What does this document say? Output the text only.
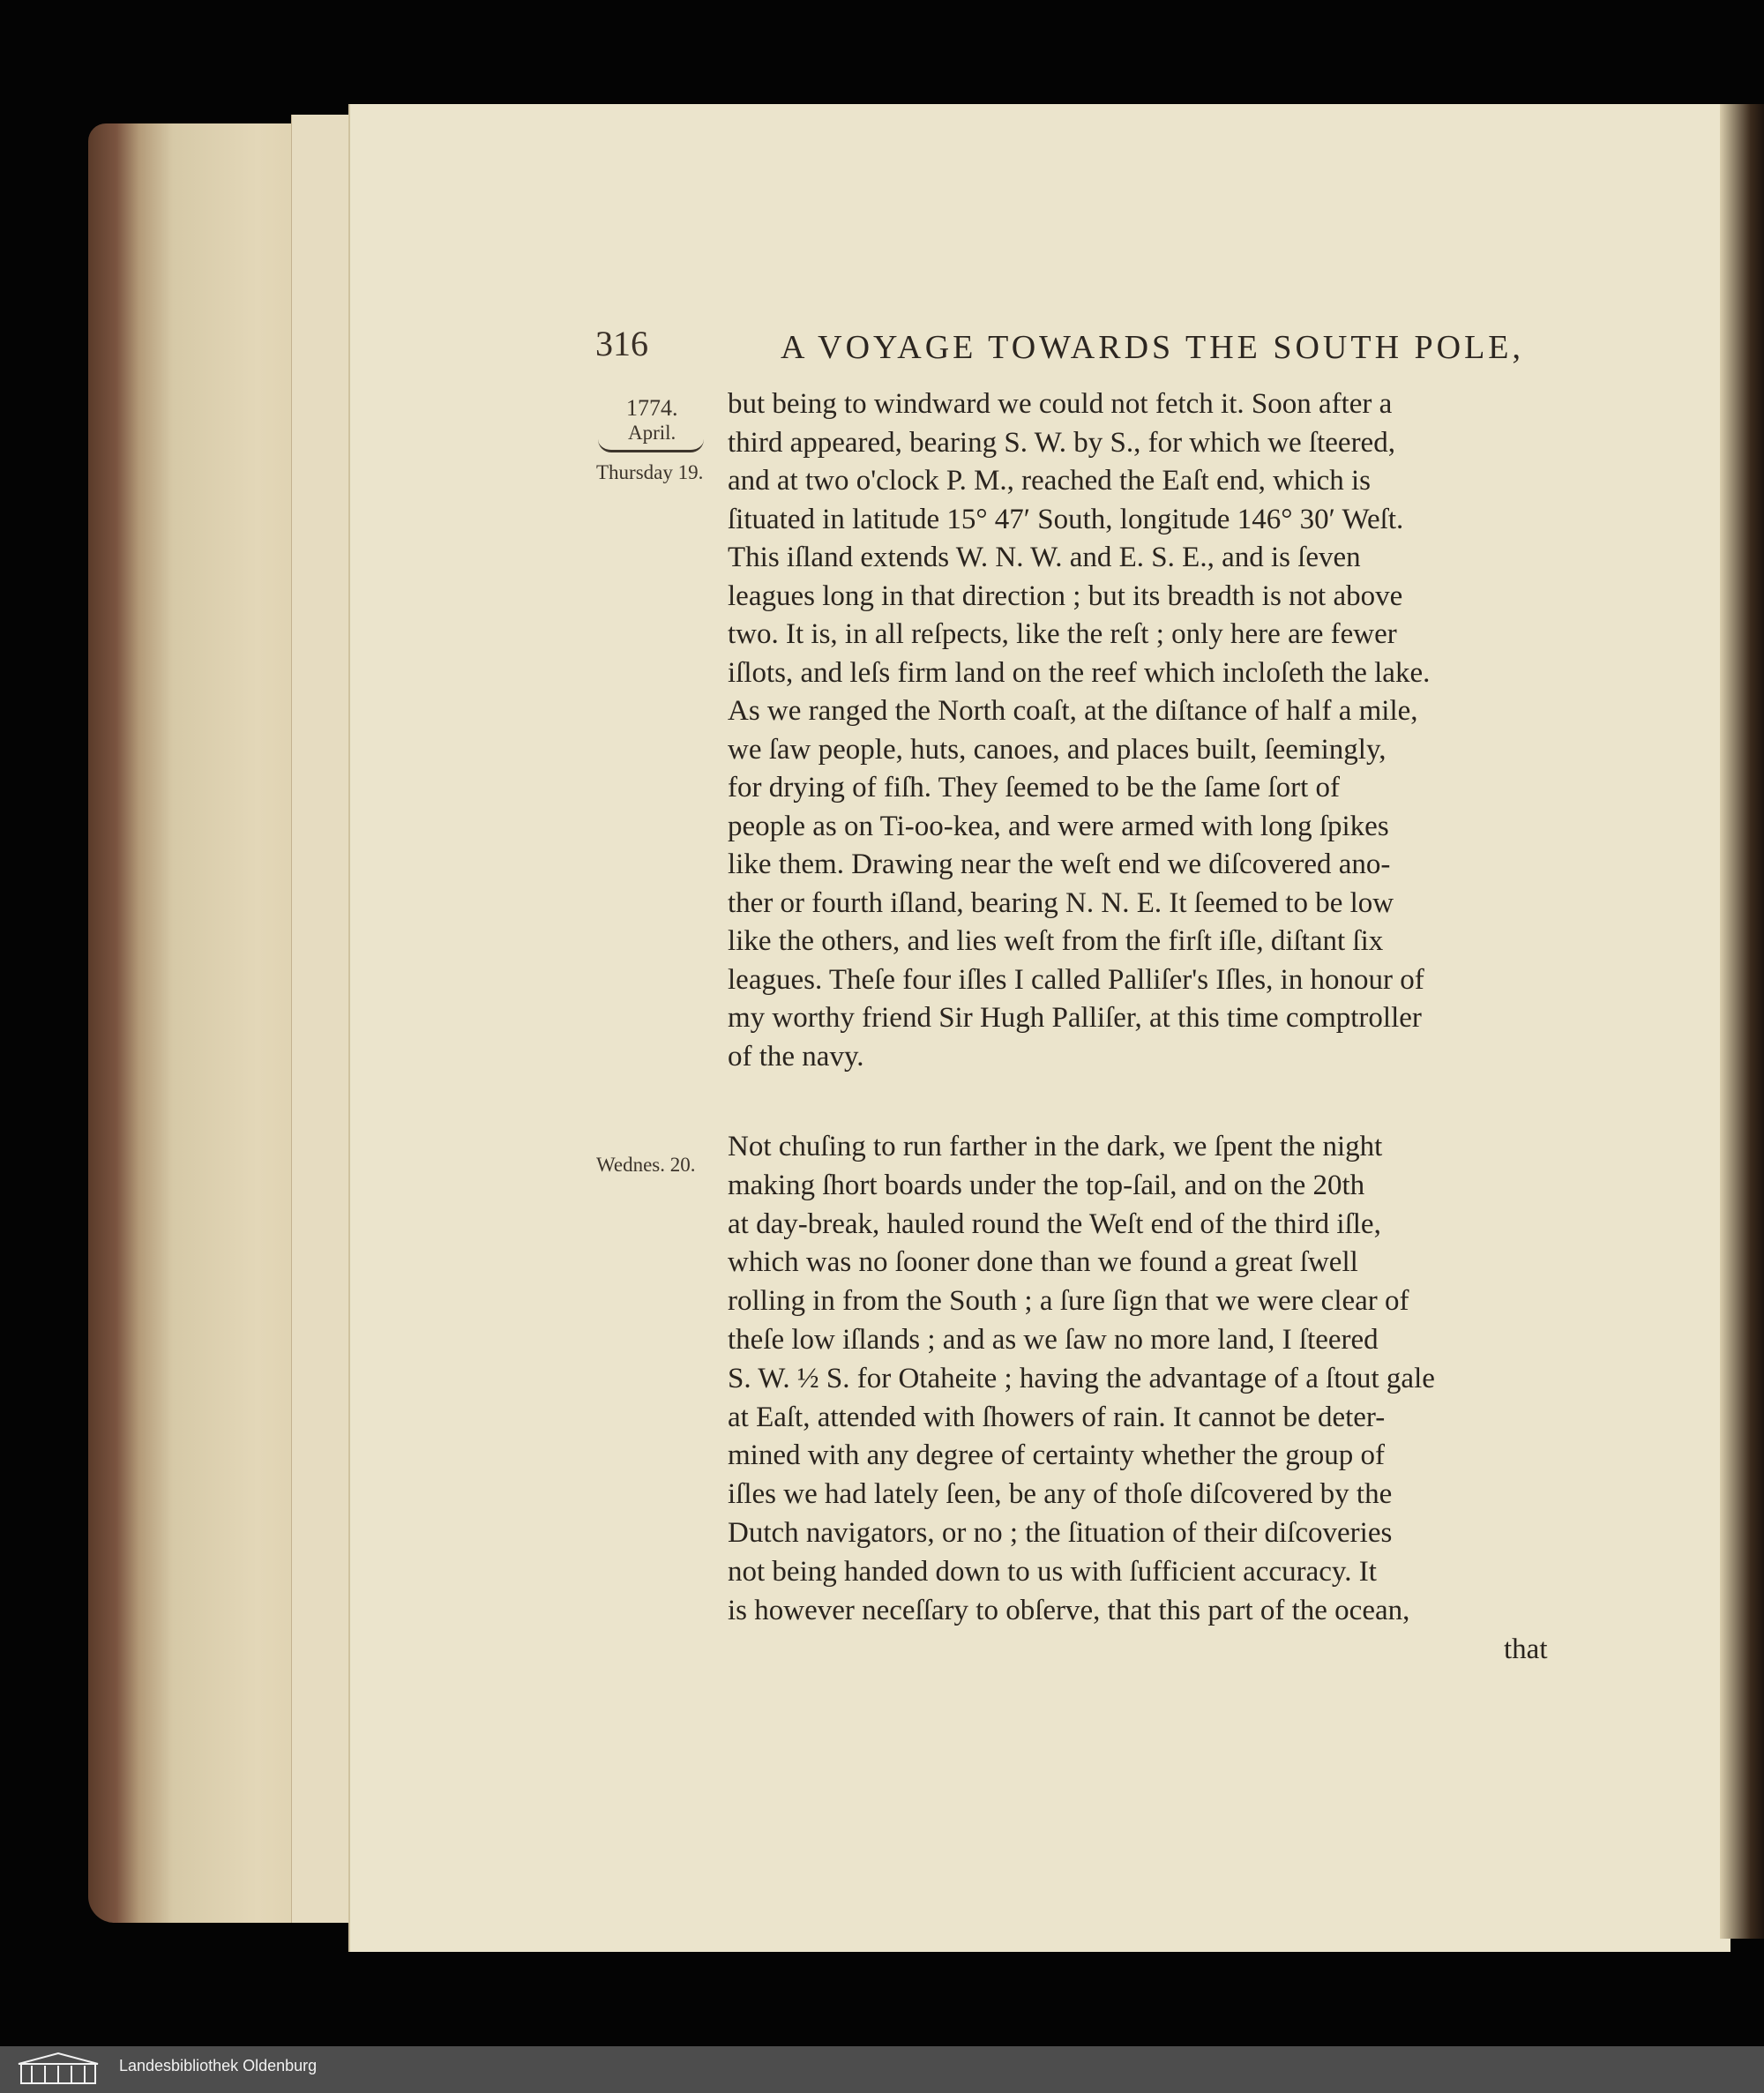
316	A VOYAGE TOWARDS THE SOUTH POLE,
1774.
April.
Thursday 19.
Wednes. 20.
but being to windward we could not fetch it. Soon after a
third appeared, bearing S. W. by S., for which we ſteered,
and at two o'clock P. M., reached the Eaſt end, which is
ſituated in latitude 15° 47′ South, longitude 146° 30′ Weſt.
This iſland extends W. N. W. and E. S. E., and is ſeven
leagues long in that direction ; but its breadth is not above
two. It is, in all reſpects, like the reſt ; only here are fewer
iſlots, and leſs firm land on the reef which incloſeth the lake.
As we ranged the North coaſt, at the diſtance of half a mile,
we ſaw people, huts, canoes, and places built, ſeemingly,
for drying of fiſh. They ſeemed to be the ſame ſort of
people as on Ti-oo-kea, and were armed with long ſpikes
like them. Drawing near the weſt end we diſcovered ano-
ther or fourth iſland, bearing N. N. E. It ſeemed to be low
like the others, and lies weſt from the firſt iſle, diſtant ſix
leagues. Theſe four iſles I called Palliſer's Iſles, in honour of
my worthy friend Sir Hugh Palliſer, at this time comptroller
of the navy.
Not chuſing to run farther in the dark, we ſpent the night
making ſhort boards under the top-ſail, and on the 20th
at day-break, hauled round the Weſt end of the third iſle,
which was no ſooner done than we found a great ſwell
rolling in from the South ; a ſure ſign that we were clear of
theſe low iſlands ; and as we ſaw no more land, I ſteered
S. W. ½ S. for Otaheite ; having the advantage of a ſtout gale
at Eaſt, attended with ſhowers of rain. It cannot be deter-
mined with any degree of certainty whether the group of
iſles we had lately ſeen, be any of thoſe diſcovered by the
Dutch navigators, or no ; the ſituation of their diſcoveries
not being handed down to us with ſufficient accuracy. It
is however neceſſary to obſerve, that this part of the ocean,
that
Landesbibliothek Oldenburg
